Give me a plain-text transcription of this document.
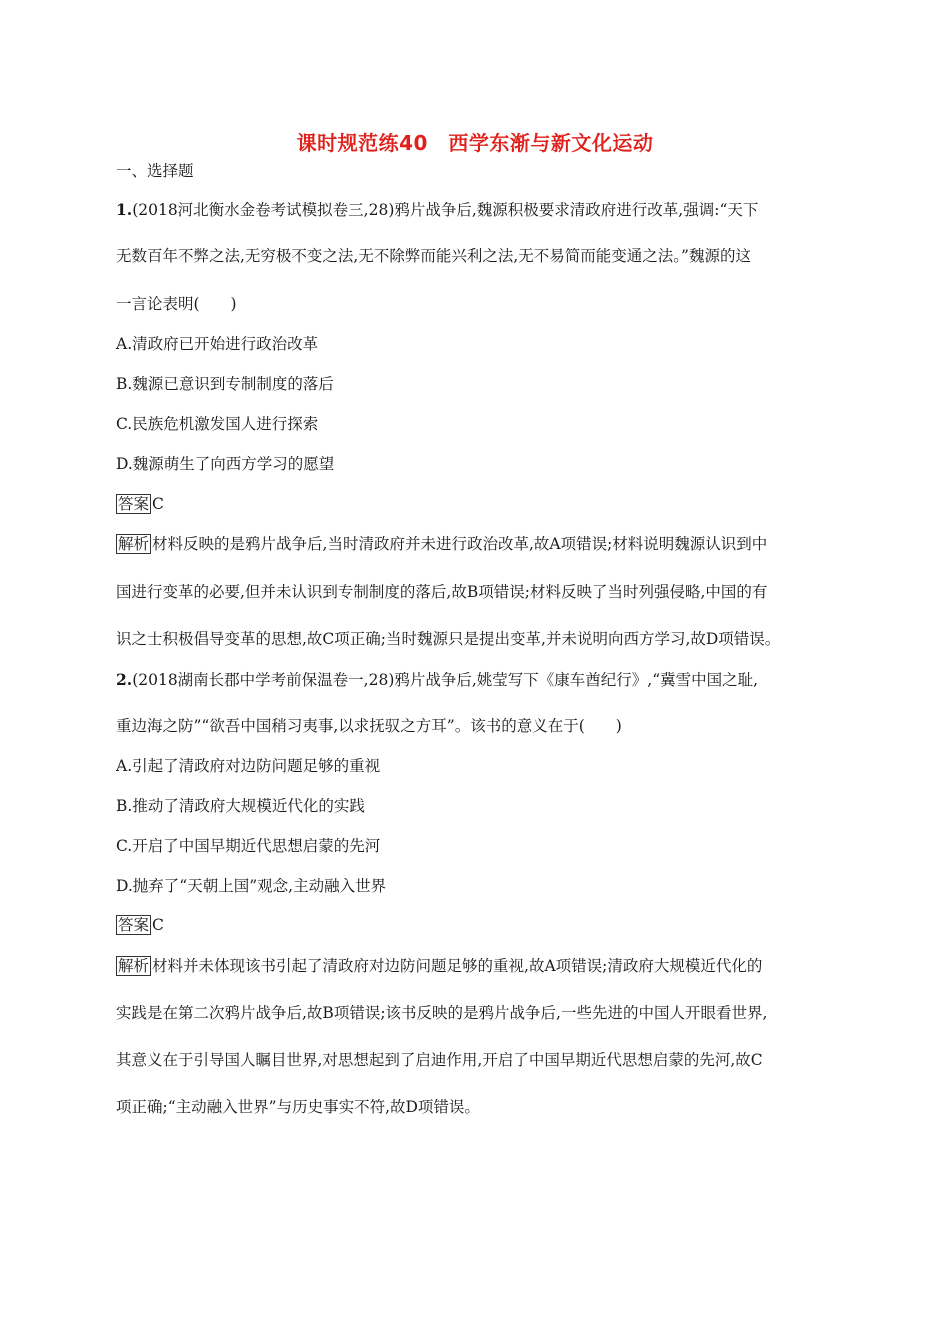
课时规范练40　西学东渐与新文化运动
一、选择题
1.(2018河北衡水金卷考试模拟卷三,28)鸦片战争后,魏源积极要求清政府进行改革,强调:“天下
无数百年不弊之法,无穷极不变之法,无不除弊而能兴利之法,无不易简而能变通之法。”魏源的这
一言论表明(　　)
A.清政府已开始进行政治改革
B.魏源已意识到专制制度的落后
C.民族危机激发国人进行探索
D.魏源萌生了向西方学习的愿望
答案 C
解析 材料反映的是鸦片战争后,当时清政府并未进行政治改革,故A项错误;材料说明魏源认识到中
国进行变革的必要,但并未认识到专制制度的落后,故B项错误;材料反映了当时列强侵略,中国的有
识之士积极倡导变革的思想,故C项正确;当时魏源只是提出变革,并未说明向西方学习,故D项错误。
2.(2018湖南长郡中学考前保温卷一,28)鸦片战争后,姚莹写下《康车酋纪行》,“冀雪中国之耻,
重边海之防”“欲吾中国稍习夷事,以求抚驭之方耳”。该书的意义在于(　　)
A.引起了清政府对边防问题足够的重视
B.推动了清政府大规模近代化的实践
C.开启了中国早期近代思想启蒙的先河
D.抛弃了“天朝上国”观念,主动融入世界
答案 C
解析 材料并未体现该书引起了清政府对边防问题足够的重视,故A项错误;清政府大规模近代化的
实践是在第二次鸦片战争后,故B项错误;该书反映的是鸦片战争后,一些先进的中国人开眼看世界,
其意义在于引导国人瞩目世界,对思想起到了启迪作用,开启了中国早期近代思想启蒙的先河,故C
项正确;“主动融入世界”与历史事实不符,故D项错误。
